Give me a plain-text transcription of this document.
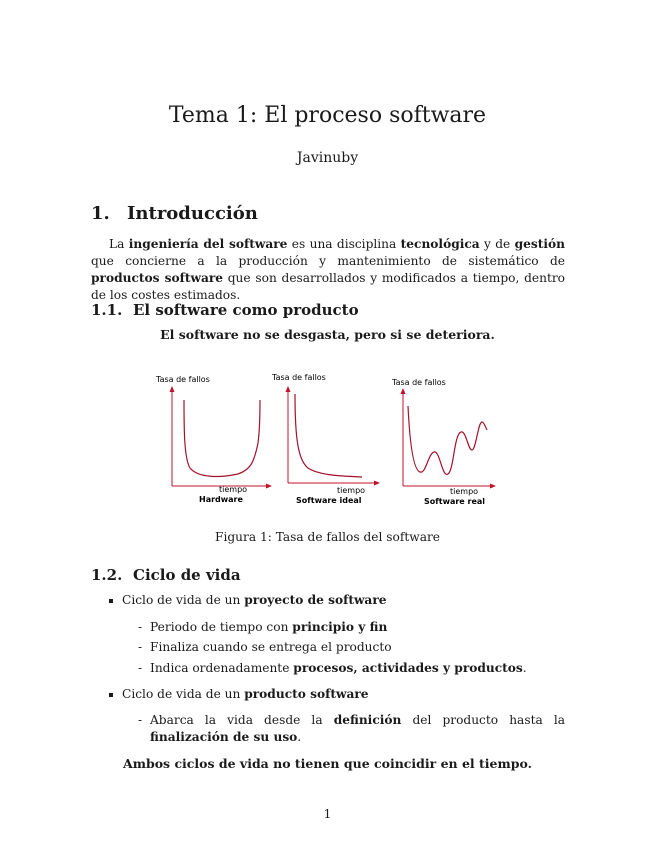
Tema 1: El proceso software
Javinuby
1. Introducción
La ingeniería del software es una disciplina tecnológica y de gestión que concierne a la producción y mantenimiento de sistemático de productos software que son desarrollados y modificados a tiempo, dentro de los costes estimados.
1.1. El software como producto
El software no se desgasta, pero si se deteriora.
Tasa de fallos
tiempo
Hardware
Tasa de fallos
tiempo
Software ideal
Tasa de fallos
tiempo
Software real
Figura 1: Tasa de fallos del software
1.2. Ciclo de vida
Ciclo de vida de un proyecto de software
- Periodo de tiempo con principio y fin
- Finaliza cuando se entrega el producto
- Indica ordenadamente procesos, actividades y productos.
Ciclo de vida de un producto software
- Abarca la vida desde la definición del producto hasta la finalización de su uso.
Ambos ciclos de vida no tienen que coincidir en el tiempo.
1
